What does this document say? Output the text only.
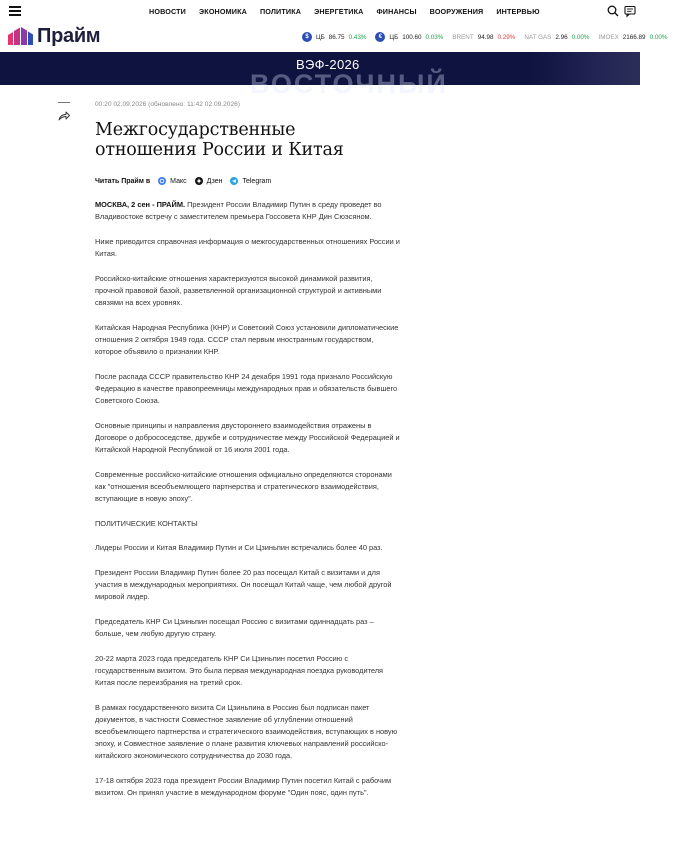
НОВОСТИ ЭКОНОМИКА ПОЛИТИКА ЭНЕРГЕТИКА ФИНАНСЫ ВООРУЖЕНИЯ ИНТЕРВЬЮ
Прайм	$	ЦБ 86.75 0.43%	€	ЦБ 100.60 0.03% BRENT 94.98 0.29% NAT GAS 2.96 0.00% IMOEX 2166.89 0.00%
ВОСТОЧНЫЙ
ВЭФ-2026
00:20 02.09.2026 (обновлено: 11:42 02.09.2026)
Межгосударственные отношения России и Китая
Читать Прайм в	Макс	Дзен	Telegram

МОСКВА, 2 сен - ПРАЙМ. Президент России Владимир Путин в среду проведет во Владивостоке встречу с заместителем премьера Госсовета КНР Дин Сюэсяном.

Ниже приводится справочная информация о межгосударственных отношениях России и Китая.

Российско-китайские отношения характеризуются высокой динамикой развития, прочной правовой базой, разветвленной организационной структурой и активными связями на всех уровнях.

Китайская Народная Республика (КНР) и Советский Союз установили дипломатические отношения 2 октября 1949 года. СССР стал первым иностранным государством, которое объявило о признании КНР.

После распада СССР правительство КНР 24 декабря 1991 года признало Российскую Федерацию в качестве правопреемницы международных прав и обязательств бывшего Советского Союза.

Основные принципы и направления двустороннего взаимодействия отражены в Договоре о добрососедстве, дружбе и сотрудничестве между Российской Федерацией и Китайской Народной Республикой от 16 июля 2001 года.

Современные российско-китайские отношения официально определяются сторонами как "отношения всеобъемлющего партнерства и стратегического взаимодействия, вступающие в новую эпоху".

ПОЛИТИЧЕСКИЕ КОНТАКТЫ

Лидеры России и Китая Владимир Путин и Си Цзиньпин встречались более 40 раз.

Президент России Владимир Путин более 20 раз посещал Китай с визитами и для участия в международных мероприятиях. Он посещал Китай чаще, чем любой другой мировой лидер.

Председатель КНР Си Цзиньпин посещал Россию с визитами одиннадцать раз – больше, чем любую другую страну.

20-22 марта 2023 года председатель КНР Си Цзиньпин посетил Россию с государственным визитом. Это была первая международная поездка руководителя Китая после переизбрания на третий срок.

В рамках государственного визита Си Цзиньпина в Россию был подписан пакет документов, в частности Совместное заявление об углублении отношений всеобъемлющего партнерства и стратегического взаимодействия, вступающих в новую эпоху, и Совместное заявление о плане развития ключевых направлений российско-китайского экономического сотрудничества до 2030 года.

17-18 октября 2023 года президент России Владимир Путин посетил Китай с рабочим визитом. Он принял участие в международном форуме "Один пояс, один путь".
